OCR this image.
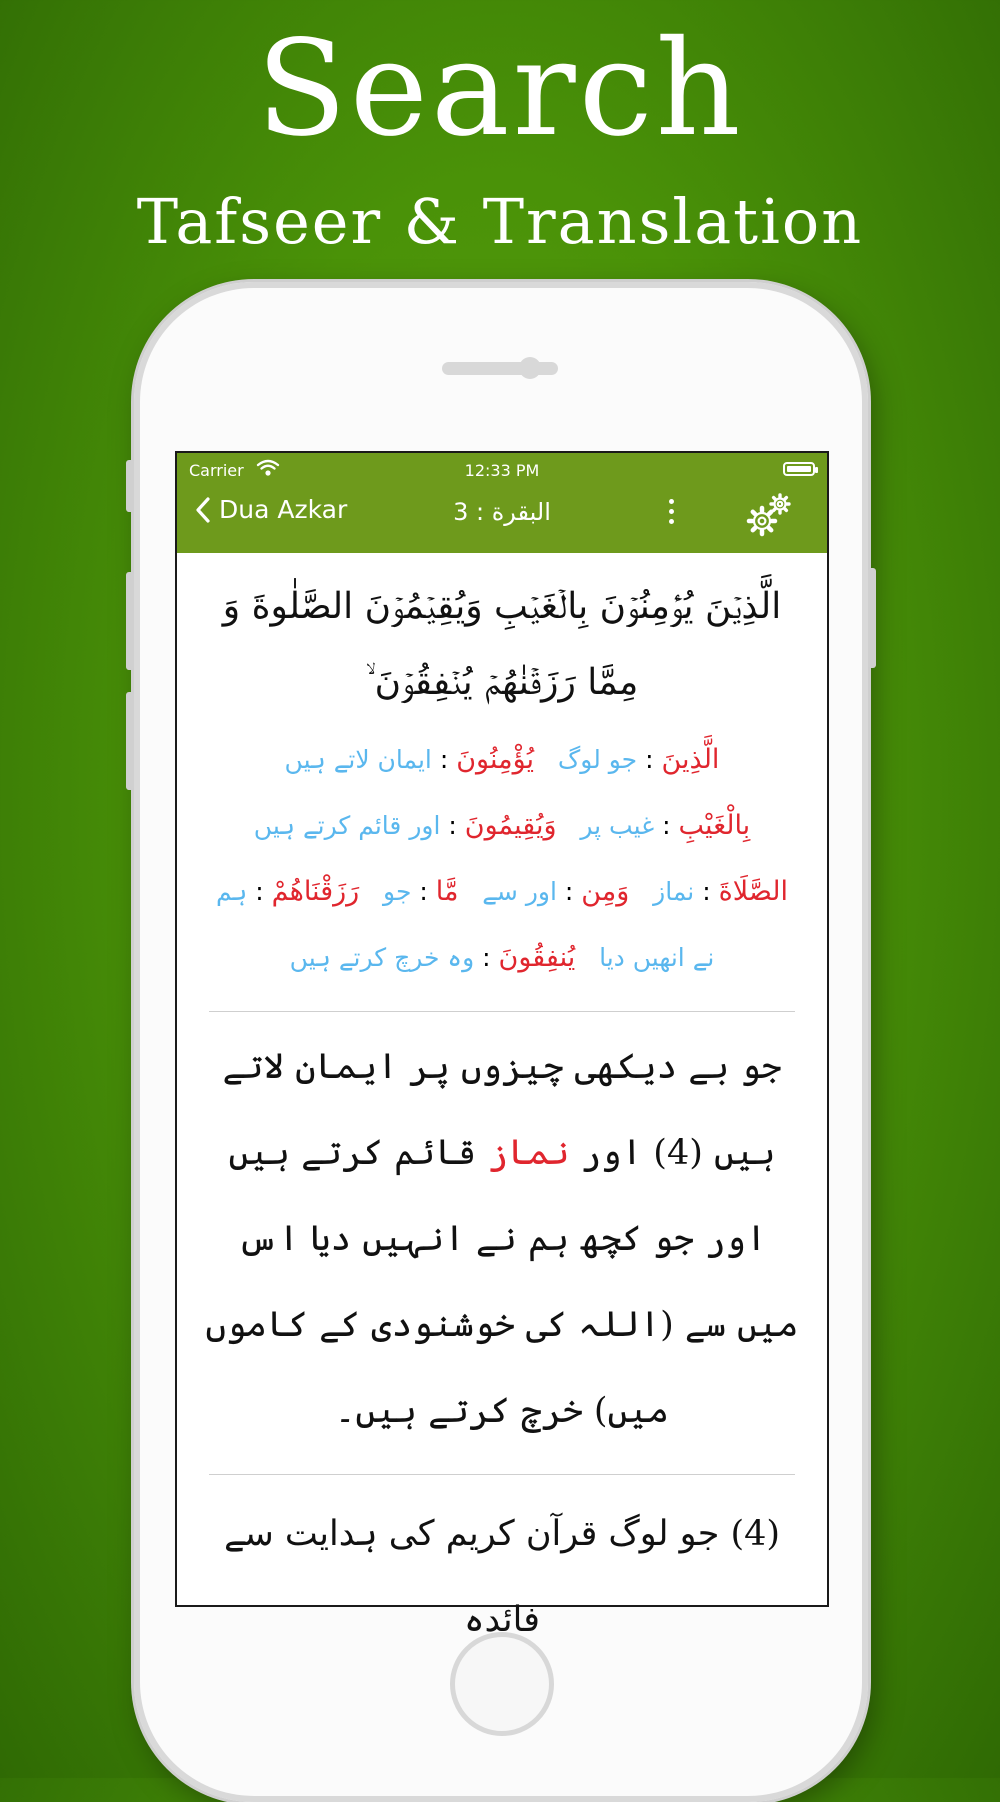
Search
Tafseer & Translation
Carrier	12:33 PM
Dua Azkar	البقرة : 3
الَّذِيۡنَ يُؤۡمِنُوۡنَ بِالۡغَيۡبِ وَيُقِيۡمُوۡنَ الصَّلٰوةَ وَ مِمَّا رَزَقۡنٰهُمۡ يُنۡفِقُوۡنَ ۙ
الَّذِينَ : جو لوگ   يُؤْمِنُونَ : ایمان لاتے ہیں
بِالْغَيْبِ : غیب پر   وَيُقِيمُونَ : اور قائم کرتے ہیں
الصَّلَاةَ : نماز   وَمِن : اور سے   مَّا : جو   رَزَقْنَاهُمْ : ہم نے انھیں دیا   يُنفِقُونَ : وہ خرچ کرتے ہیں
جو بے دیکھی چیزوں پر ایمان لاتے ہیں (4) اور نماز قائم کرتے ہیں اور جو کچھ ہم نے انہیں دیا اس میں سے (اللہ کی خوشنودی کے کاموں میں) خرچ کرتے ہیں۔
(4) جو لوگ قرآن کریم کی ہدایت سے فائدہ
